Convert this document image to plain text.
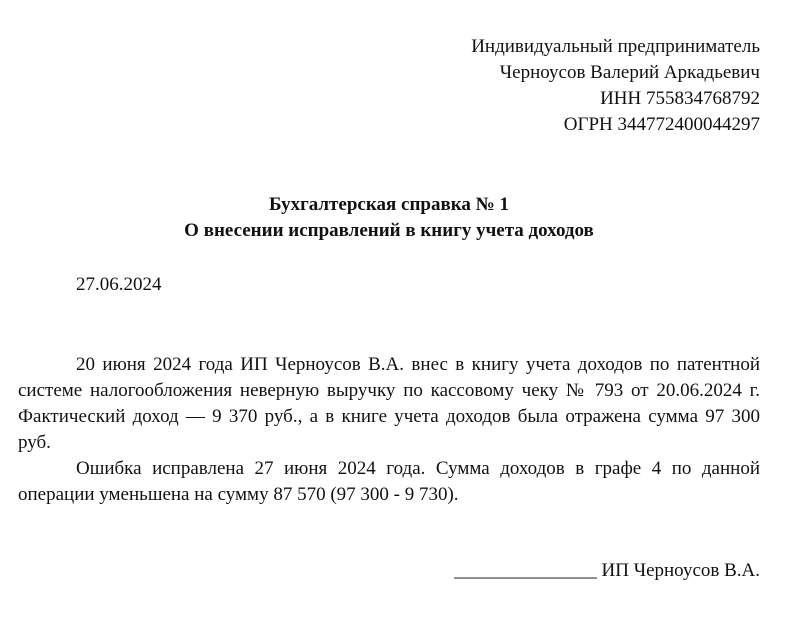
Индивидуальный предприниматель
Черноусов Валерий Аркадьевич
ИНН 755834768792
ОГРН 344772400044297
Бухгалтерская справка № 1
О внесении исправлений в книгу учета доходов
27.06.2024

20 июня 2024 года ИП Черноусов В.А. внес в книгу учета доходов по патентной системе налогообложения неверную выручку по кассовому чеку № 793 от 20.06.2024 г. Фактический доход — 9 370 руб., а в книге учета доходов была отражена сумма 97 300 руб.

Ошибка исправлена 27 июня 2024 года. Сумма доходов в графе 4 по данной операции уменьшена на сумму 87 570 (97 300 - 9 730).

_______________ ИП Черноусов В.А.
